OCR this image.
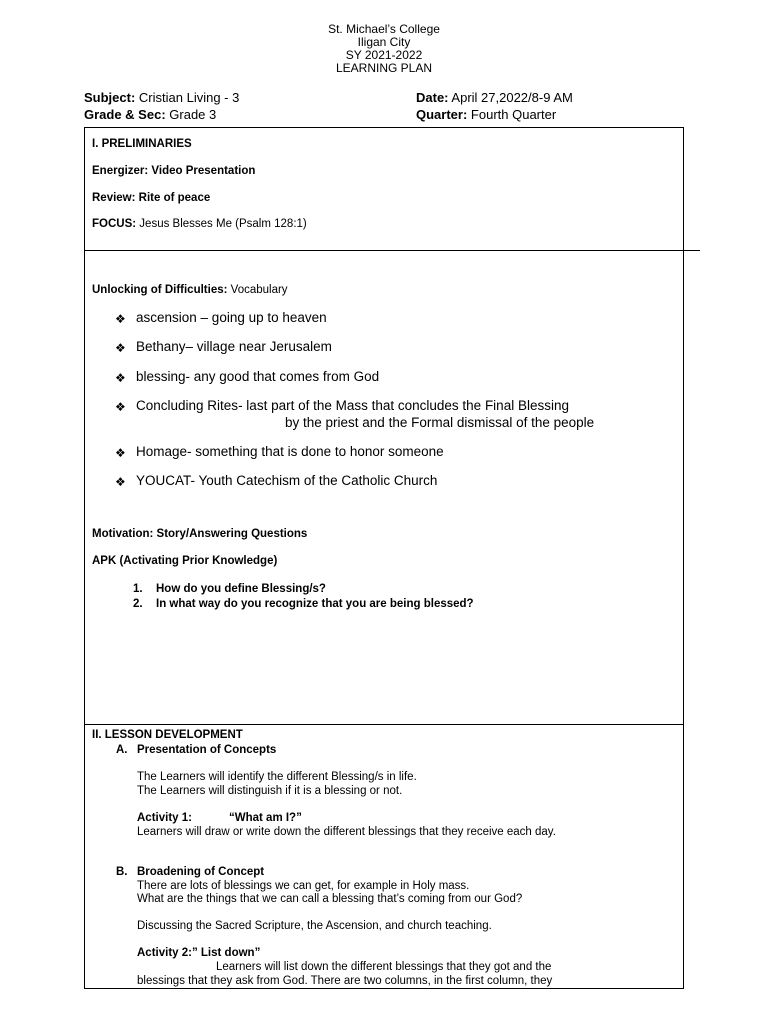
St. Michael’s College
Iligan City
SY 2021-2022
LEARNING PLAN
Subject: Cristian Living - 3
Grade & Sec: Grade 3
Date: April 27,2022/8-9 AM
Quarter: Fourth Quarter
I. PRELIMINARIES
Energizer: Video Presentation
Review: Rite of peace
FOCUS: Jesus Blesses Me (Psalm 128:1)
Unlocking of Difficulties: Vocabulary
❖ ascension – going up to heaven
❖ Bethany– village near Jerusalem
❖ blessing- any good that comes from God
❖ Concluding Rites- last part of the Mass that concludes the Final Blessing
by the priest and the Formal dismissal of the people
❖ Homage- something that is done to honor someone
❖ YOUCAT- Youth Catechism of the Catholic Church
Motivation: Story/Answering Questions
APK (Activating Prior Knowledge)
1. How do you define Blessing/s?
2. In what way do you recognize that you are being blessed?
II. LESSON DEVELOPMENT
A. Presentation of Concepts
The Learners will identify the different Blessing/s in life.
The Learners will distinguish if it is a blessing or not.
Activity 1:	“What am I?”
Learners will draw or write down the different blessings that they receive each day.
B. Broadening of Concept
There are lots of blessings we can get, for example in Holy mass.
What are the things that we can call a blessing that’s coming from our God?
Discussing the Sacred Scripture, the Ascension, and church teaching.
Activity 2:” List down”
Learners will list down the different blessings that they got and the
blessings that they ask from God. There are two columns, in the first column, they
